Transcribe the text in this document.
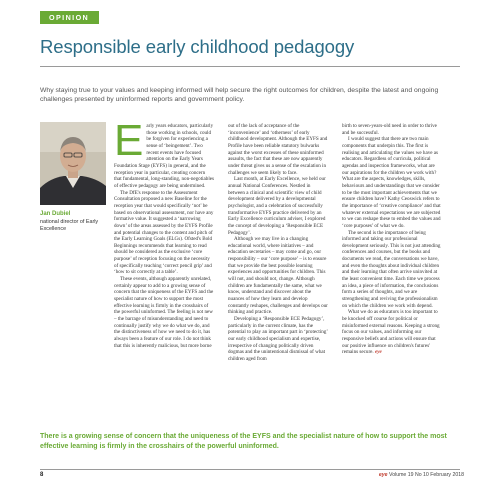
OPINION
Responsible early childhood pedagogy

Why staying true to your values and keeping informed will help secure the right outcomes for children, despite the latest and ongoing challenges presented by uninformed reports and government policy.

Jan Dubiel
national director of Early Excellence
E arly years educators, particularly those working in schools, could be forgiven for experiencing a sense of ‘beingement’. Two recent events have focused attention on the Early Years Foundation Stage (EYFS) in general, and the reception year in particular, creating concern that fundamental, long-standing, non-negotiables of effective pedagogy are being undermined.

The DfE's response to the Assessment Consultation proposed a new Baseline for the reception year that would specifically ‘not’ be based on observational assessment, nor have any formative value. It suggested a ‘narrowing down’ of the areas assessed by the EYFS Profile and potential changes to the content and pitch of the Early Learning Goals (ELGs). Ofsted's Bold Beginnings recommends that learning to read should be considered as the exclusive ‘core purpose’ of reception focusing on the necessity of specifically teaching ‘correct pencil grip’ and ‘how to sit correctly at a table’.

These events, although apparently unrelated, certainly appear to add to a growing sense of concern that the uniqueness of the EYFS and the specialist nature of how to support the most effective learning is firmly in the crosshairs of the powerful uninformed. The feeling is not new – the barrage of misunderstanding and need to continually justify why we do what we do, and the distinctiveness of how we need to do it, has always been a feature of our role. I do not think that this is inherently malicious, but more borne

out of the lack of acceptance of the ‘inconvenience’ and ‘otherness’ of early childhood development. Although the EYFS and Profile have been reliable statutory bulwarks against the worst excesses of these uninformed assaults, the fact that these are now apparently under threat gives us a sense of the escalation in challenges we seem likely to face.

Last month, at Early Excellence, we held our annual National Conferences. Nestled in between a clinical and scientific view of child development delivered by a developmental psychologist, and a celebration of successfully transformative EYFS practice delivered by an Early Excellence curriculum adviser, I explored the concept of developing a ‘Responsible ECE Pedagogy’.

Although we may live in a changing educational world, where initiatives – and education secretaries – may come and go, our responsibility – our ‘core purpose’ – is to ensure that we provide the best possible learning experiences and opportunities for children. This will not, and should not, change. Although children are fundamentally the same, what we know, understand and discover about the nuances of how they learn and develop constantly reshapes, challenges and develops our thinking and practice.

Developing a ‘Responsible ECE Pedagogy’, particularly in the current climate, has the potential to play an important part in ‘protecting’ our early childhood specialism and expertise, irrespective of changing politically driven dogmas and the unintentional dismissal of what children aged from

birth to seven-years-old need in order to thrive and be successful.

I would suggest that there are two main components that underpin this. The first is realising and articulating the values we have as educators. Regardless of curricula, political agendas and inspection frameworks, what are our aspirations for the children we work with? What are the aspects, knowledges, skills, behaviours and understandings that we consider to be the most important achievements that we ensure children have? Kathy Ceoswick refers to the importance of ‘creative compliance’ and that whatever external expectations we are subjected to we can reshape these to embed the values and ‘core purposes’ of what we do.

The second is the importance of being informed and taking our professional development seriously. This is not just attending conferences and courses, but the books and documents we read, the conversations we have, and even the thoughts about individual children and their learning that often arrive uninvited at the least convenient time. Each time we process an idea, a piece of information, the conclusions form a series of thoughts, and we are strengthening and reviving the professionalism on which the children we work with depend.

What we do as educators is too important to be knocked off course for political or misinformed external reasons. Keeping a strong focus on our values, and informing our responsive beliefs and actions will ensure that our positive influence on children's futures' remains secure. eye

There is a growing sense of concern that the uniqueness of the EYFS and the specialist nature of how to support the most effective learning is firmly in the crosshairs of the powerful uninformed.

8	eye Volume 19 No 10 February 2018
